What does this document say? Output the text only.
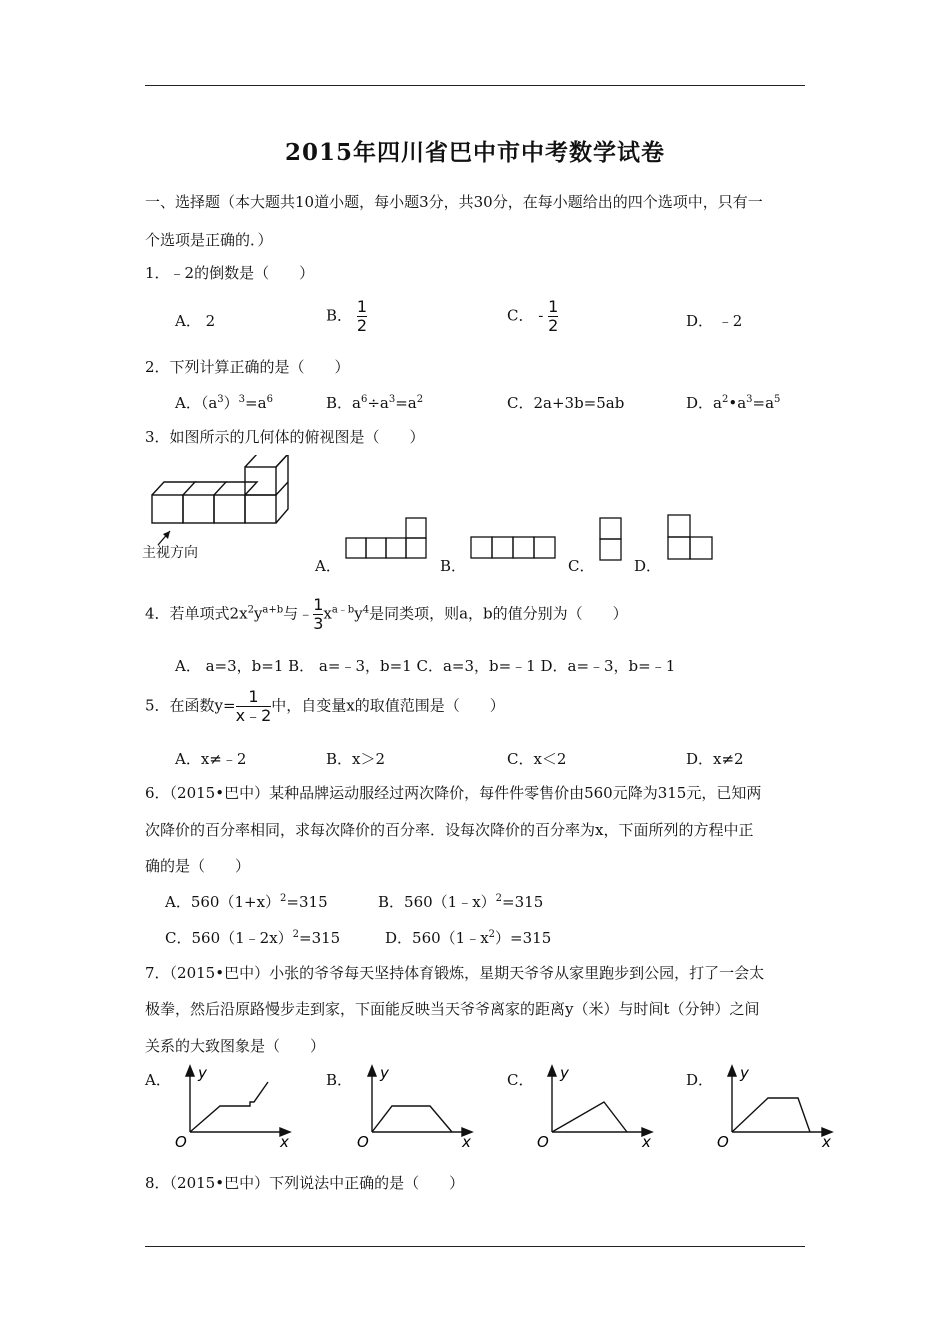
2015年四川省巴中市中考数学试卷
一、选择题（本大题共10道小题，每小题3分，共30分，在每小题给出的四个选项中，只有一
个选项是正确的．）
1．﹣2的倒数是（　　）
A． 2	B． $\frac{1}{2}$	C． - $\frac{1}{2}$	D． ﹣2
2．下列计算正确的是（　　）
A．$(a^3)^3=a^6$	B．$a^6\div a^3=a^2$	C．2a+3b=5ab	D．$a^2•a^3=a^5$
3．如图所示的几何体的俯视图是（　　）
主视方向
A．	B．	C．	D．
4．若单项式$2x^2y^{a+b}$与﹣ $\frac{1}{3} x^{a﹣b}y^4$是同类项，则a，b的值分别为（　　）
A． a=3，b=1 B． a=﹣3，b=1 C．a=3，b=﹣1 D．a=﹣3，b=﹣1
5．在函数$y= \frac{1}{x﹣2}$ 中，自变量x的取值范围是（　　）
A．x≠﹣2	B．x＞2	C．x＜2	D．x≠2
6．（2015•巴中）某种品牌运动服经过两次降价，每件件零售价由560元降为315元，已知两
次降价的百分率相同，求每次降价的百分率．设每次降价的百分率为x，下面所列的方程中正
确的是（　　）
A．$560(1+x)^2=315$	B．560（1﹣x）$^2$=315
C．560（1﹣2x）$^2$=315	D．$560(1﹣x^2)=315$
7．（2015•巴中）小张的爷爷每天坚持体育锻炼，星期天爷爷从家里跑步到公园，打了一会太
极拳，然后沿原路慢步走到家，下面能反映当天爷爷离家的距离y（米）与时间t（分钟）之间
关系的大致图象是（　　）
A． y
x
O
B． y
x
O
C． y
x
O
D． y
x
O
8．（2015•巴中）下列说法中正确的是（　　）
